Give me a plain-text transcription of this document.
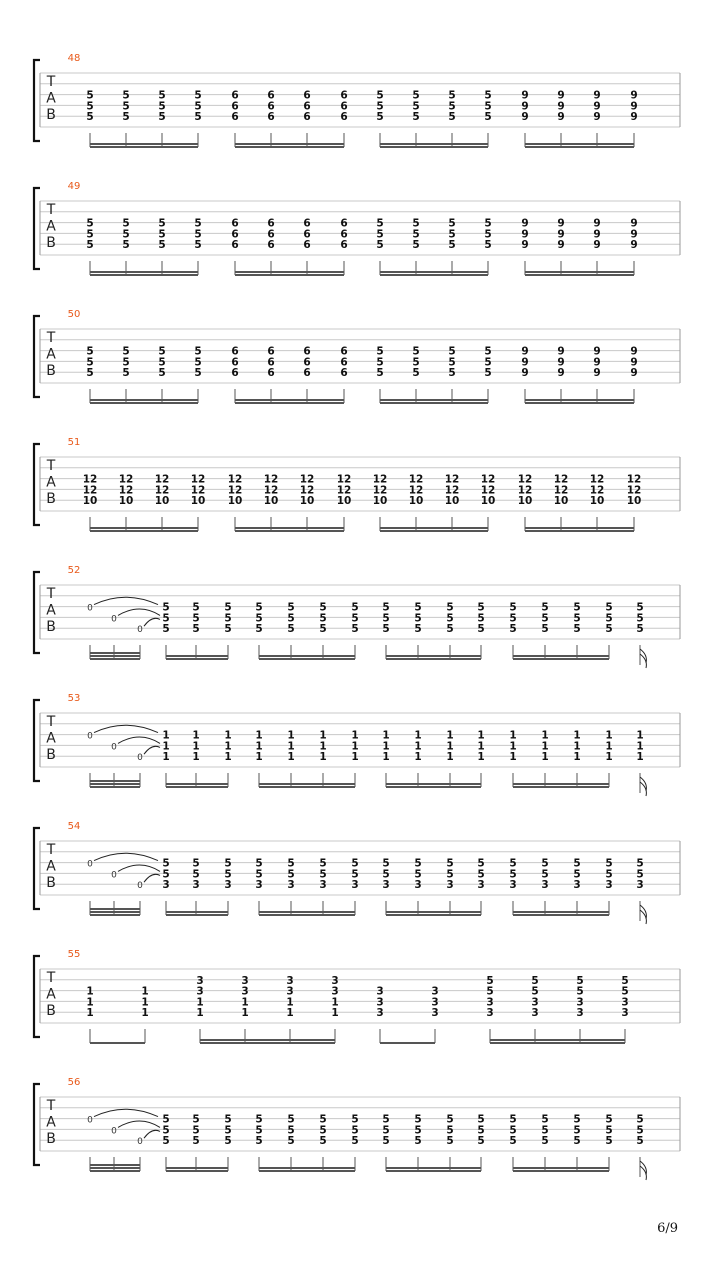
T
A
B
48
5
5
5
5
5
5
5
5
5
5
5
5
6
6
6
6
6
6
6
6
6
6
6
6
5
5
5
5
5
5
5
5
5
5
5
5
9
9
9
9
9
9
9
9
9
9
9
9
T
A
B
49
5
5
5
5
5
5
5
5
5
5
5
5
6
6
6
6
6
6
6
6
6
6
6
6
5
5
5
5
5
5
5
5
5
5
5
5
9
9
9
9
9
9
9
9
9
9
9
9
T
A
B
50
5
5
5
5
5
5
5
5
5
5
5
5
6
6
6
6
6
6
6
6
6
6
6
6
5
5
5
5
5
5
5
5
5
5
5
5
9
9
9
9
9
9
9
9
9
9
9
9
T
A
B
51
12
12
10
12
12
10
12
12
10
12
12
10
12
12
10
12
12
10
12
12
10
12
12
10
12
12
10
12
12
10
12
12
10
12
12
10
12
12
10
12
12
10
12
12
10
12
12
10
T
A
B
52
0
0
0
5
5
5
5
5
5
5
5
5
5
5
5
5
5
5
5
5
5
5
5
5
5
5
5
5
5
5
5
5
5
5
5
5
5
5
5
5
5
5
5
5
5
5
5
5
5
5
5
T
A
B
53
0
0
0
1
1
1
1
1
1
1
1
1
1
1
1
1
1
1
1
1
1
1
1
1
1
1
1
1
1
1
1
1
1
1
1
1
1
1
1
1
1
1
1
1
1
1
1
1
1
1
1
T
A
B
54
0
0
0
5
5
3
5
5
3
5
5
3
5
5
3
5
5
3
5
5
3
5
5
3
5
5
3
5
5
3
5
5
3
5
5
3
5
5
3
5
5
3
5
5
3
5
5
3
5
5
3
T
A
B
55
1
1
1
1
1
1
3
3
1
1
3
3
1
1
3
3
1
1
3
3
1
1
3
3
3
3
3
3
5
5
3
3
5
5
3
3
5
5
3
3
5
5
3
3
T
A
B
56
0
0
0
5
5
5
5
5
5
5
5
5
5
5
5
5
5
5
5
5
5
5
5
5
5
5
5
5
5
5
5
5
5
5
5
5
5
5
5
5
5
5
5
5
5
5
5
5
5
5
5
6/9
